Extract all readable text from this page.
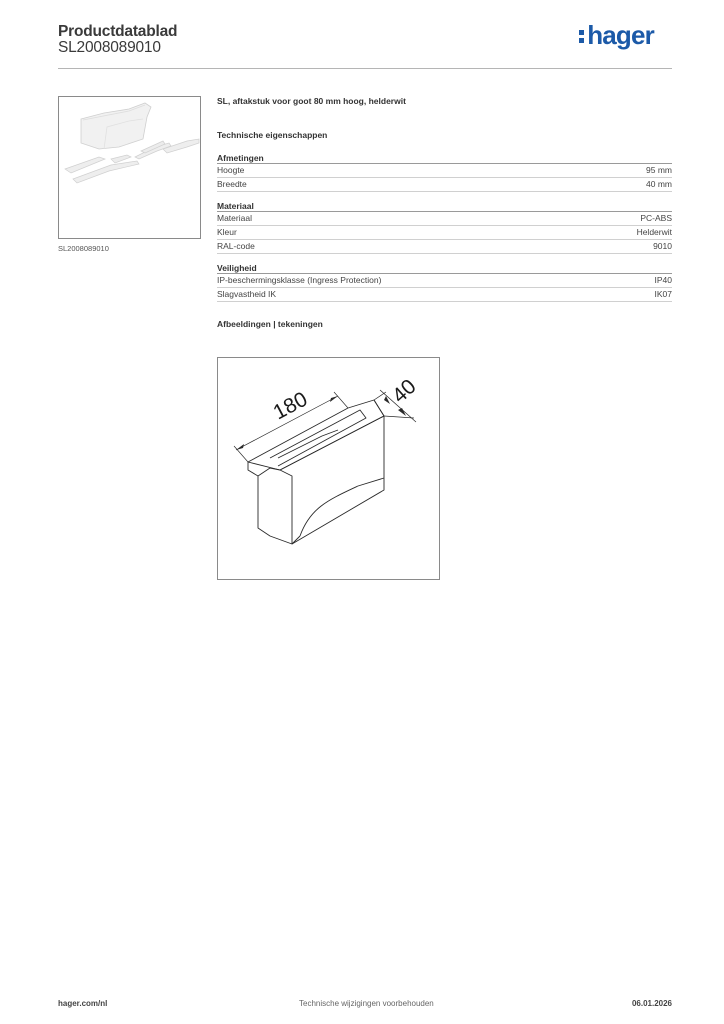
Productdatablad
SL2008089010	hager
SL2008089010
SL, aftakstuk voor goot 80 mm hoog, helderwit
Technische eigenschappen
Afmetingen
Hoogte	95 mm
Breedte	40 mm
Materiaal
Materiaal	PC-ABS
Kleur	Helderwit
RAL-code	9010
Veiligheid
IP-beschermingsklasse (Ingress Protection)	IP40
Slagvastheid IK	IK07
Afbeeldingen | tekeningen
180	40
hager.com/nl	Technische wijzigingen voorbehouden	06.01.2026
